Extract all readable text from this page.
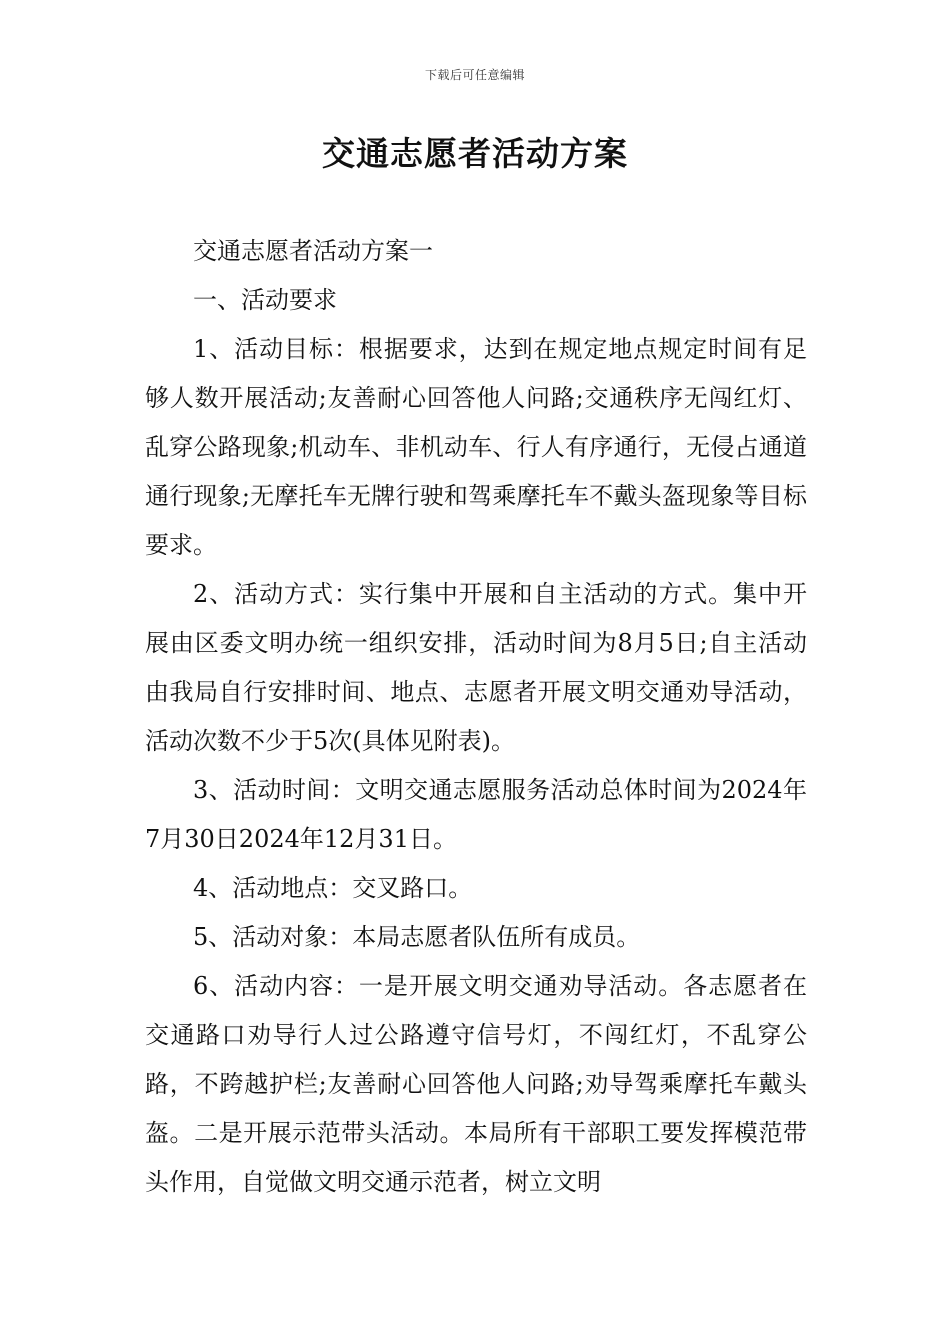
下载后可任意编辑
交通志愿者活动方案

交通志愿者活动方案一

一、活动要求

1、活动目标：根据要求，达到在规定地点规定时间有足够人数开展活动;友善耐心回答他人问路;交通秩序无闯红灯、乱穿公路现象;机动车、非机动车、行人有序通行，无侵占通道通行现象;无摩托车无牌行驶和驾乘摩托车不戴头盔现象等目标要求。

2、活动方式：实行集中开展和自主活动的方式。集中开展由区委文明办统一组织安排，活动时间为8月5日;自主活动由我局自行安排时间、地点、志愿者开展文明交通劝导活动，活动次数不少于5次(具体见附表)。

3、活动时间：文明交通志愿服务活动总体时间为2024年7月30日2024年12月31日。

4、活动地点：交叉路口。

5、活动对象：本局志愿者队伍所有成员。

6、活动内容：一是开展文明交通劝导活动。各志愿者在交通路口劝导行人过公路遵守信号灯，不闯红灯，不乱穿公路，不跨越护栏;友善耐心回答他人问路;劝导驾乘摩托车戴头盔。二是开展示范带头活动。本局所有干部职工要发挥模范带头作用，自觉做文明交通示范者，树立文明
